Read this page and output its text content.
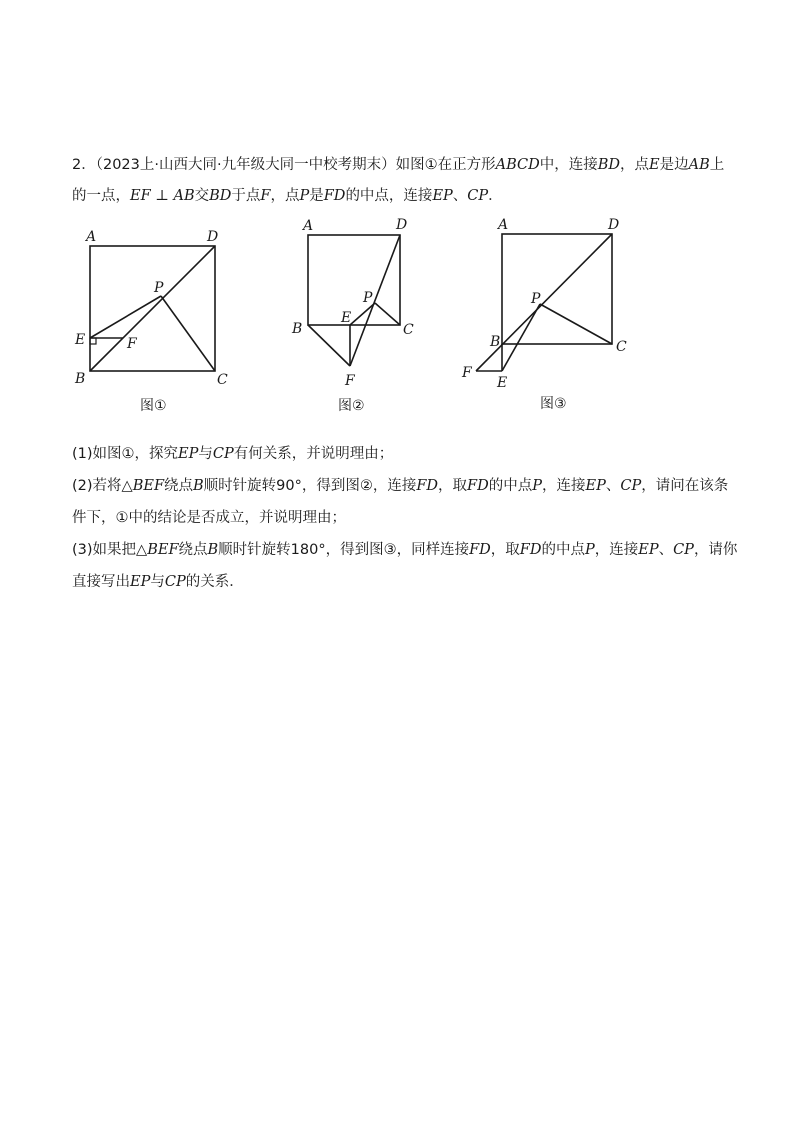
2．（2023上·山西大同·九年级大同一中校考期末）如图①在正方形ABCD中，连接BD，点E是边AB上

的一点，EF ⊥ AB交BD于点F，点P是FD的中点，连接EP、CP．

A	D
P
E	F
B	C
图①
A	D
P
E
B	C
F
图②
A	D
P
B	C
F
E
图③

(1)如图①，探究EP与CP有何关系，并说明理由；

(2)若将△BEF绕点B顺时针旋转90°，得到图②，连接FD，取FD的中点P，连接EP、CP，请问在该条

件下，①中的结论是否成立，并说明理由；

(3)如果把△BEF绕点B顺时针旋转180°，得到图③，同样连接FD，取FD的中点P，连接EP、CP，请你

直接写出EP与CP的关系．
